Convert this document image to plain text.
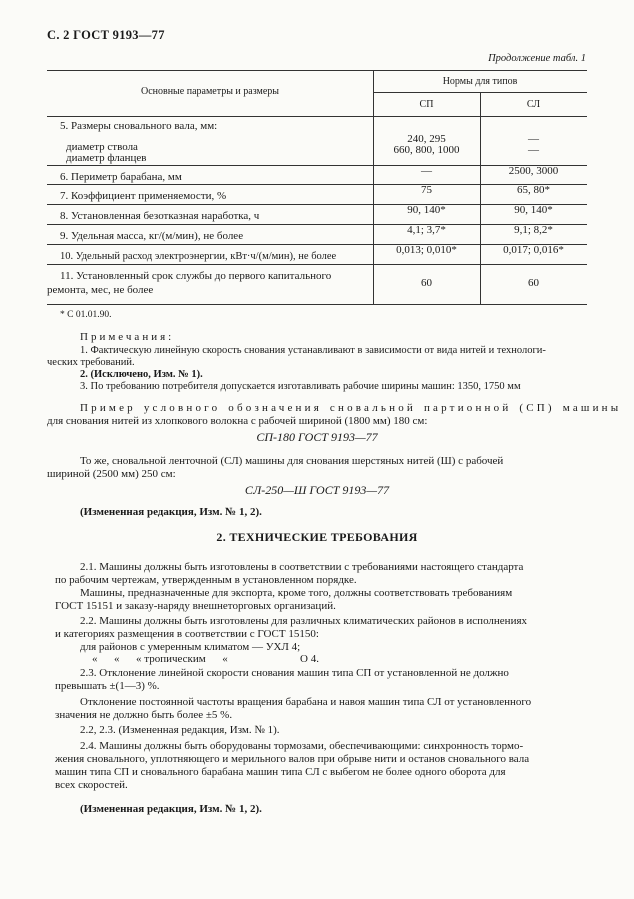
С. 2 ГОСТ 9193—77
Продолжение табл. 1
Основные параметры и размеры
Нормы для типов
СП	СЛ
5. Размеры сновального вала, мм:
диаметр ствола
240, 295	—
диаметр фланцев
660, 800, 1000	—
6. Периметр барабана, мм	—	2500, 3000
7. Коэффициент применяемости, %	75	65, 80*
8. Установленная безотказная наработка, ч	90, 140*	90, 140*
9. Удельная масса, кг/(м/мин), не более	4,1; 3,7*	9,1; 8,2*
10. Удельный расход электроэнергии, кВт·ч/(м/мин), не более
0,013; 0,010*	0,017; 0,016*
11. Установленный срок службы до первого капитального
ремонта, мес, не более
60	60
* С 01.01.90.
Примечания:
1. Фактическую линейную скорость снования устанавливают в зависимости от вида нитей и технологи-
ческих требований.
2. (Исключено, Изм. № 1).
3. По требованию потребителя допускается изготавливать рабочие ширины машин: 1350, 1750 мм
Пример условного обозначения сновальной партионной (СП) машины
для снования нитей из хлопкового волокна с рабочей шириной (1800 мм) 180 см:
СП-180 ГОСТ 9193—77
То же, сновальной ленточной (СЛ) машины для снования шерстяных нитей (Ш) с рабочей
шириной (2500 мм) 250 см:
СЛ-250—Ш ГОСТ 9193—77
(Измененная редакция, Изм. № 1, 2).
2. ТЕХНИЧЕСКИЕ ТРЕБОВАНИЯ
2.1. Машины должны быть изготовлены в соответствии с требованиями настоящего стандарта
по рабочим чертежам, утвержденным в установленном порядке.
Машины, предназначенные для экспорта, кроме того, должны соответствовать требованиям
ГОСТ 15151 и заказу-наряду внешнеторговых организаций.
2.2. Машины должны быть изготовлены для различных климатических районов в исполнениях
и категориях размещения в соответствии с ГОСТ 15150:
для районов с умеренным климатом — УХЛ 4;
«      «      « тропическим      «	О 4.
2.3. Отклонение линейной скорости снования машин типа СП от установленной не должно
превышать ±(1—3) %.
Отклонение постоянной частоты вращения барабана и навоя машин типа СЛ от установленного
значения не должно быть более ±5 %.
2.2, 2.3. (Измененная редакция, Изм. № 1).
2.4. Машины должны быть оборудованы тормозами, обеспечивающими: синхронность тормо-
жения сновального, уплотняющего и мерильного валов при обрыве нити и останов сновального вала
машин типа СП и сновального барабана машин типа СЛ с выбегом не более одного оборота для
всех скоростей.
(Измененная редакция, Изм. № 1, 2).
